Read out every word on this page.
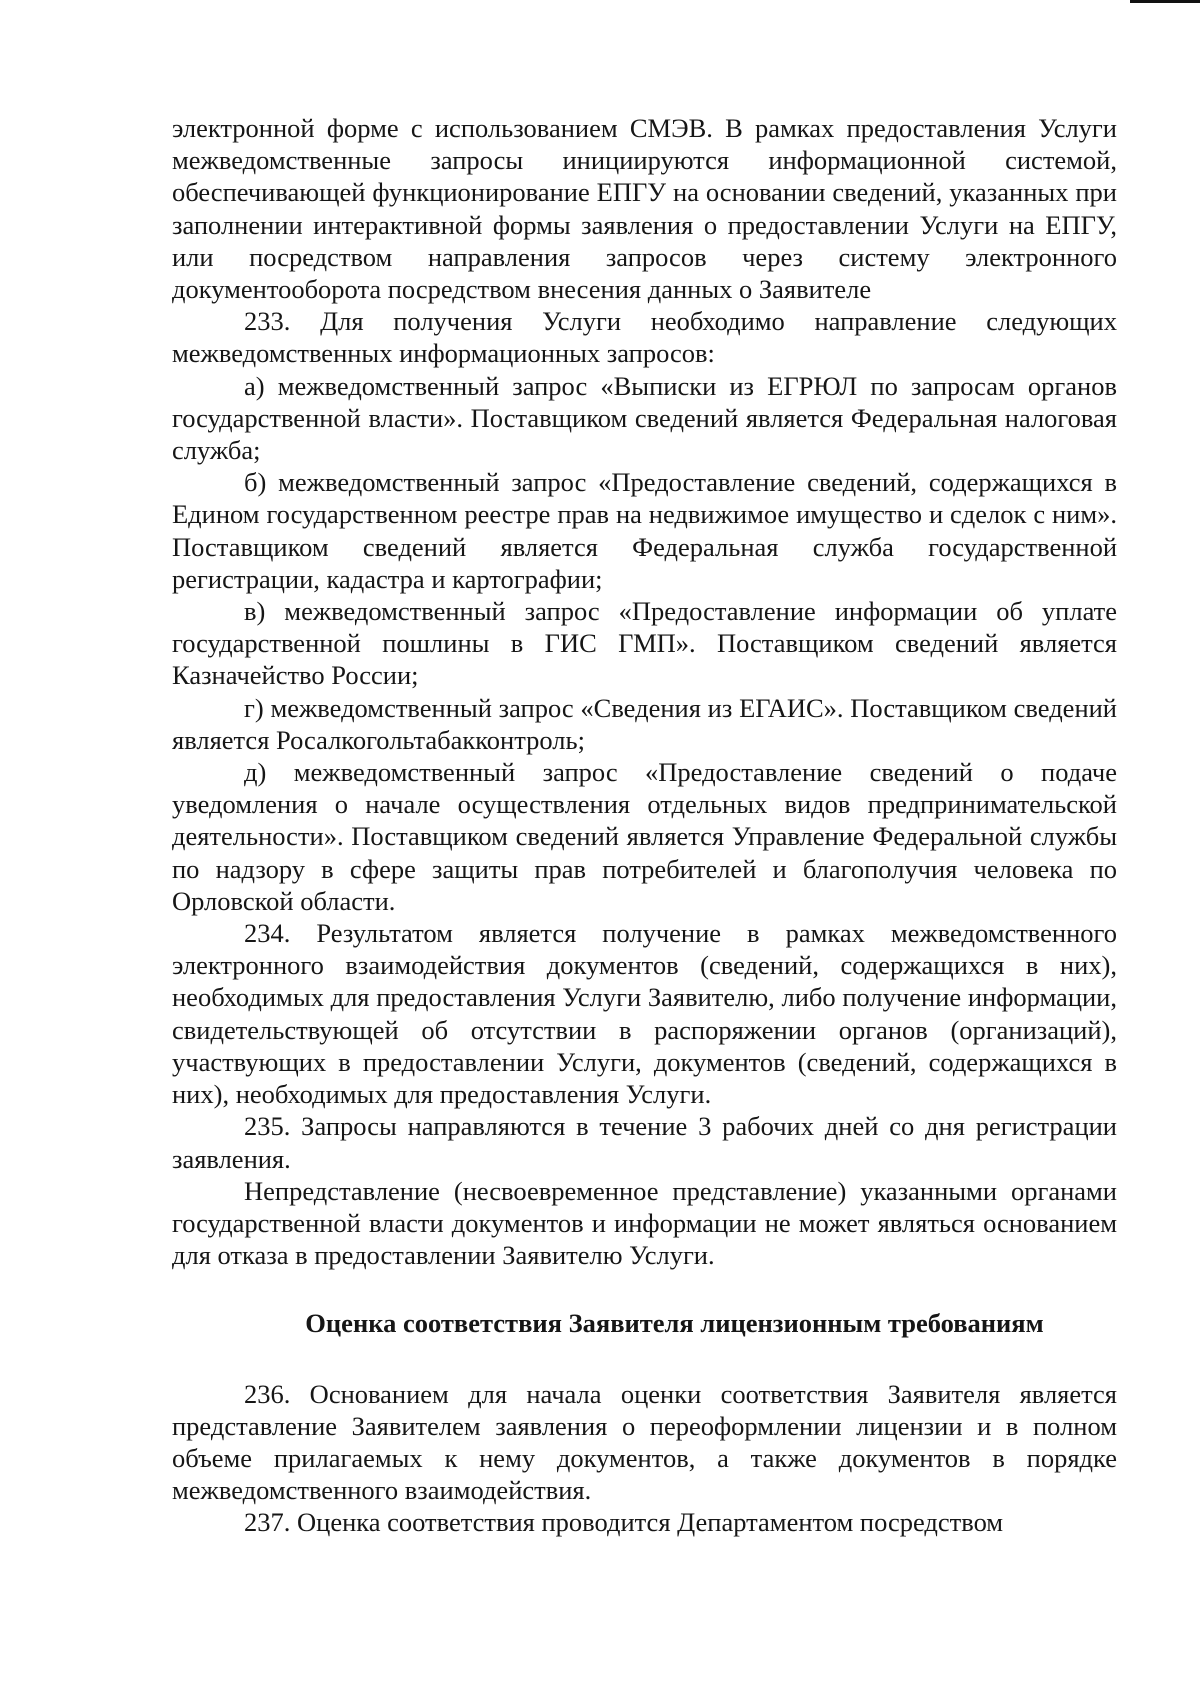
электронной форме с использованием СМЭВ. В рамках предоставления Услуги межведомственные запросы инициируются информационной системой, обеспечивающей функционирование ЕПГУ на основании сведений, указанных при заполнении интерактивной формы заявления о предоставлении Услуги на ЕПГУ, или посредством направления запросов через систему электронного документооборота посредством внесения данных о Заявителе

233. Для получения Услуги необходимо направление следующих межведомственных информационных запросов:

а) межведомственный запрос «Выписки из ЕГРЮЛ по запросам органов государственной власти». Поставщиком сведений является Федеральная налоговая служба;

б) межведомственный запрос «Предоставление сведений, содержащихся в Едином государственном реестре прав на недвижимое имущество и сделок с ним». Поставщиком сведений является Федеральная служба государственной регистрации, кадастра и картографии;

в) межведомственный запрос «Предоставление информации об уплате государственной пошлины в ГИС ГМП». Поставщиком сведений является Казначейство России;

г) межведомственный запрос «Сведения из ЕГАИС». Поставщиком сведений является Росалкогольтабакконтроль;

д) межведомственный запрос «Предоставление сведений о подаче уведомления о начале осуществления отдельных видов предпринимательской деятельности». Поставщиком сведений является Управление Федеральной службы по надзору в сфере защиты прав потребителей и благополучия человека по Орловской области.

234. Результатом является получение в рамках межведомственного электронного взаимодействия документов (сведений, содержащихся в них), необходимых для предоставления Услуги Заявителю, либо получение информации, свидетельствующей об отсутствии в распоряжении органов (организаций), участвующих в предоставлении Услуги, документов (сведений, содержащихся в них), необходимых для предоставления Услуги.

235. Запросы направляются в течение 3 рабочих дней со дня регистрации заявления.

Непредставление (несвоевременное представление) указанными органами государственной власти документов и информации не может являться основанием для отказа в предоставлении Заявителю Услуги.

Оценка соответствия Заявителя лицензионным требованиям

236. Основанием для начала оценки соответствия Заявителя является представление Заявителем заявления о переоформлении лицензии и в полном объеме прилагаемых к нему документов, а также документов в порядке межведомственного взаимодействия.

237. Оценка соответствия проводится Департаментом посредством
